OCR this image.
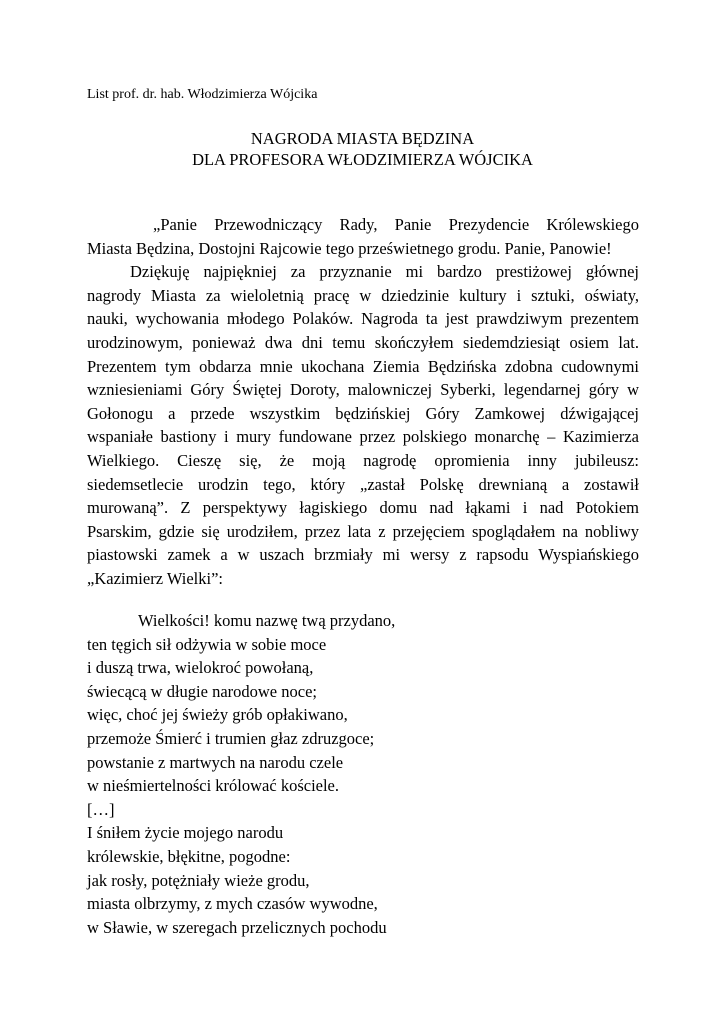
List prof. dr. hab. Włodzimierza Wójcika
NAGRODA MIASTA BĘDZINA
DLA PROFESORA WŁODZIMIERZA WÓJCIKA

„Panie Przewodniczący Rady, Panie Prezydencie Królewskiego
Miasta Będzina, Dostojni Rajcowie tego prześwietnego grodu. Panie, Panowie!

Dziękuję najpiękniej za przyznanie mi bardzo prestiżowej głównej
nagrody Miasta za wieloletnią pracę w dziedzinie kultury i sztuki, oświaty,
nauki, wychowania młodego Polaków. Nagroda ta jest prawdziwym prezentem
urodzinowym, ponieważ dwa dni temu skończyłem siedemdziesiąt osiem lat.
Prezentem tym obdarza mnie ukochana Ziemia Będzińska zdobna cudownymi
wzniesieniami Góry Świętej Doroty, malowniczej Syberki, legendarnej góry w
Gołonogu a przede wszystkim będzińskiej Góry Zamkowej dźwigającej
wspaniałe bastiony i mury fundowane przez polskiego monarchę – Kazimierza
Wielkiego. Cieszę się, że moją nagrodę opromienia inny jubileusz:
siedemsetlecie urodzin tego, który „zastał Polskę drewnianą a zostawił
murowaną”. Z perspektywy łagiskiego domu nad łąkami i nad Potokiem
Psarskim, gdzie się urodziłem, przez lata z przejęciem spoglądałem na nobliwy
piastowski zamek a w uszach brzmiały mi wersy z rapsodu Wyspiańskiego
„Kazimierz Wielki”:

Wielkości! komu nazwę twą przydano,
ten tęgich sił odżywia w sobie moce
i duszą trwa, wielokroć powołaną,
świecącą w długie narodowe noce;
więc, choć jej świeży grób opłakiwano,
przemoże Śmierć i trumien głaz zdruzgoce;
powstanie z martwych na narodu czele
w nieśmiertelności królować kościele.
[…]
I śniłem życie mojego narodu
królewskie, błękitne, pogodne:
jak rosły, potężniały wieże grodu,
miasta olbrzymy, z mych czasów wywodne,
w Sławie, w szeregach przelicznych pochodu
